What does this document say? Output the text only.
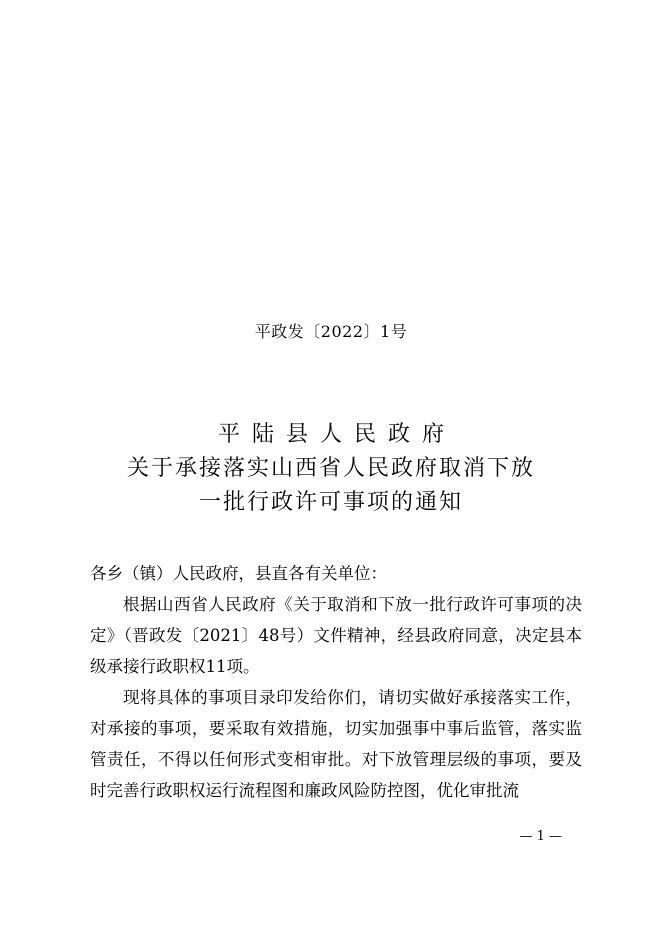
平政发〔2022〕1号
平陆县人民政府
关于承接落实山西省人民政府取消下放
一批行政许可事项的通知

各乡（镇）人民政府，县直各有关单位：

根据山西省人民政府《关于取消和下放一批行政许可事项的决定》（晋政发〔2021〕48号）文件精神，经县政府同意，决定县本级承接行政职权11项。

现将具体的事项目录印发给你们，请切实做好承接落实工作，对承接的事项，要采取有效措施，切实加强事中事后监管，落实监管责任，不得以任何形式变相审批。对下放管理层级的事项，要及时完善行政职权运行流程图和廉政风险防控图，优化审批流

— 1 —
